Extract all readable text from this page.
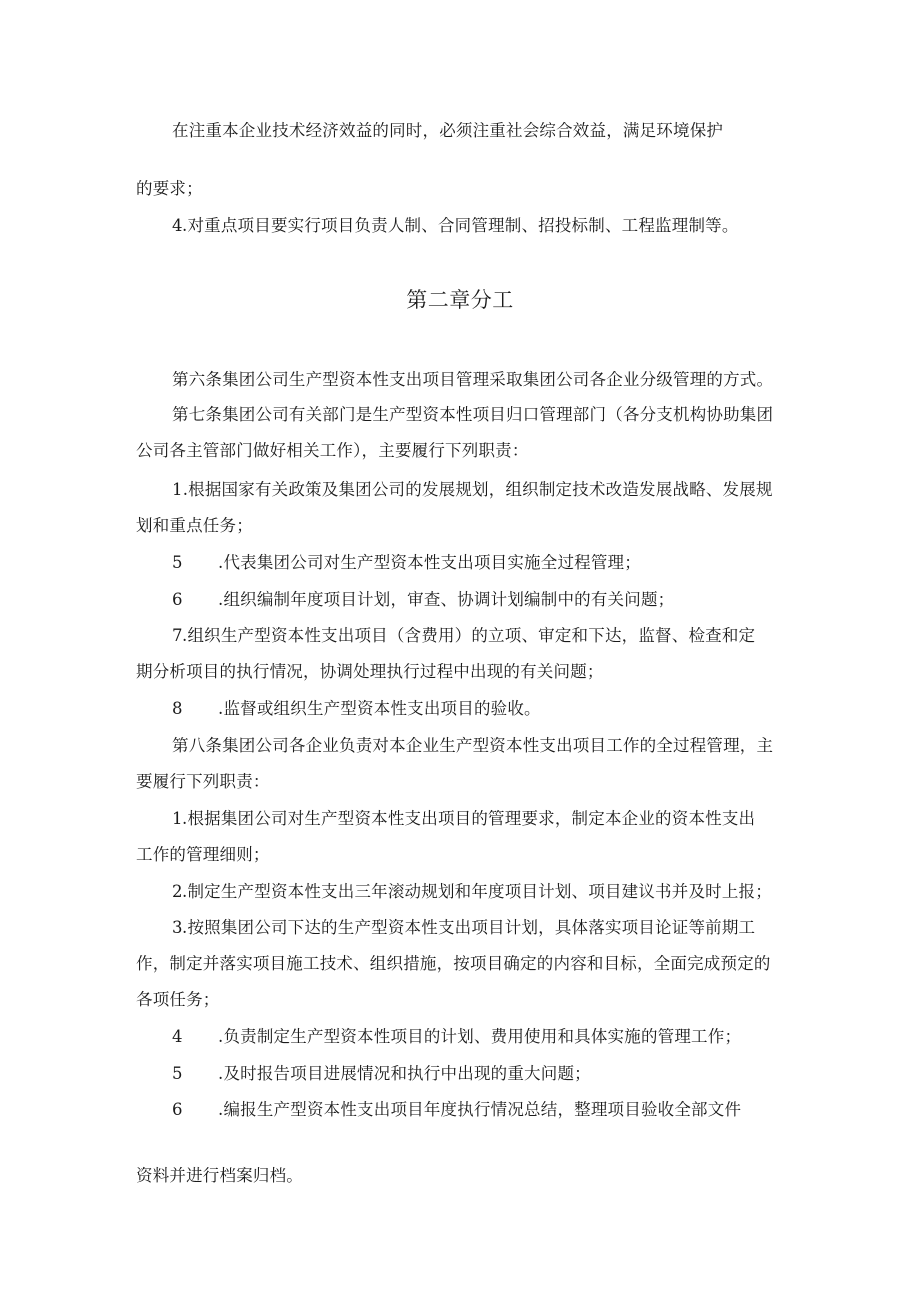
在注重本企业技术经济效益的同时，必须注重社会综合效益，满足环境保护
的要求；
4.对重点项目要实行项目负责人制、合同管理制、招投标制、工程监理制等。
第二章分工
第六条集团公司生产型资本性支出项目管理采取集团公司各企业分级管理的方式。
第七条集团公司有关部门是生产型资本性项目归口管理部门（各分支机构协助集团
公司各主管部门做好相关工作），主要履行下列职责：
1.根据国家有关政策及集团公司的发展规划，组织制定技术改造发展战略、发展规
划和重点任务；
5 .代表集团公司对生产型资本性支出项目实施全过程管理；
6 .组织编制年度项目计划，审查、协调计划编制中的有关问题；
7.组织生产型资本性支出项目（含费用）的立项、审定和下达，监督、检查和定
期分析项目的执行情况，协调处理执行过程中出现的有关问题；
8 .监督或组织生产型资本性支出项目的验收。
第八条集团公司各企业负责对本企业生产型资本性支出项目工作的全过程管理，主
要履行下列职责：
1.根据集团公司对生产型资本性支出项目的管理要求，制定本企业的资本性支出
工作的管理细则；
2.制定生产型资本性支出三年滚动规划和年度项目计划、项目建议书并及时上报；
3.按照集团公司下达的生产型资本性支出项目计划，具体落实项目论证等前期工
作，制定并落实项目施工技术、组织措施，按项目确定的内容和目标，全面完成预定的
各项任务；
4 .负责制定生产型资本性项目的计划、费用使用和具体实施的管理工作；
5 .及时报告项目进展情况和执行中出现的重大问题；
6 .编报生产型资本性支出项目年度执行情况总结，整理项目验收全部文件
资料并进行档案归档。
